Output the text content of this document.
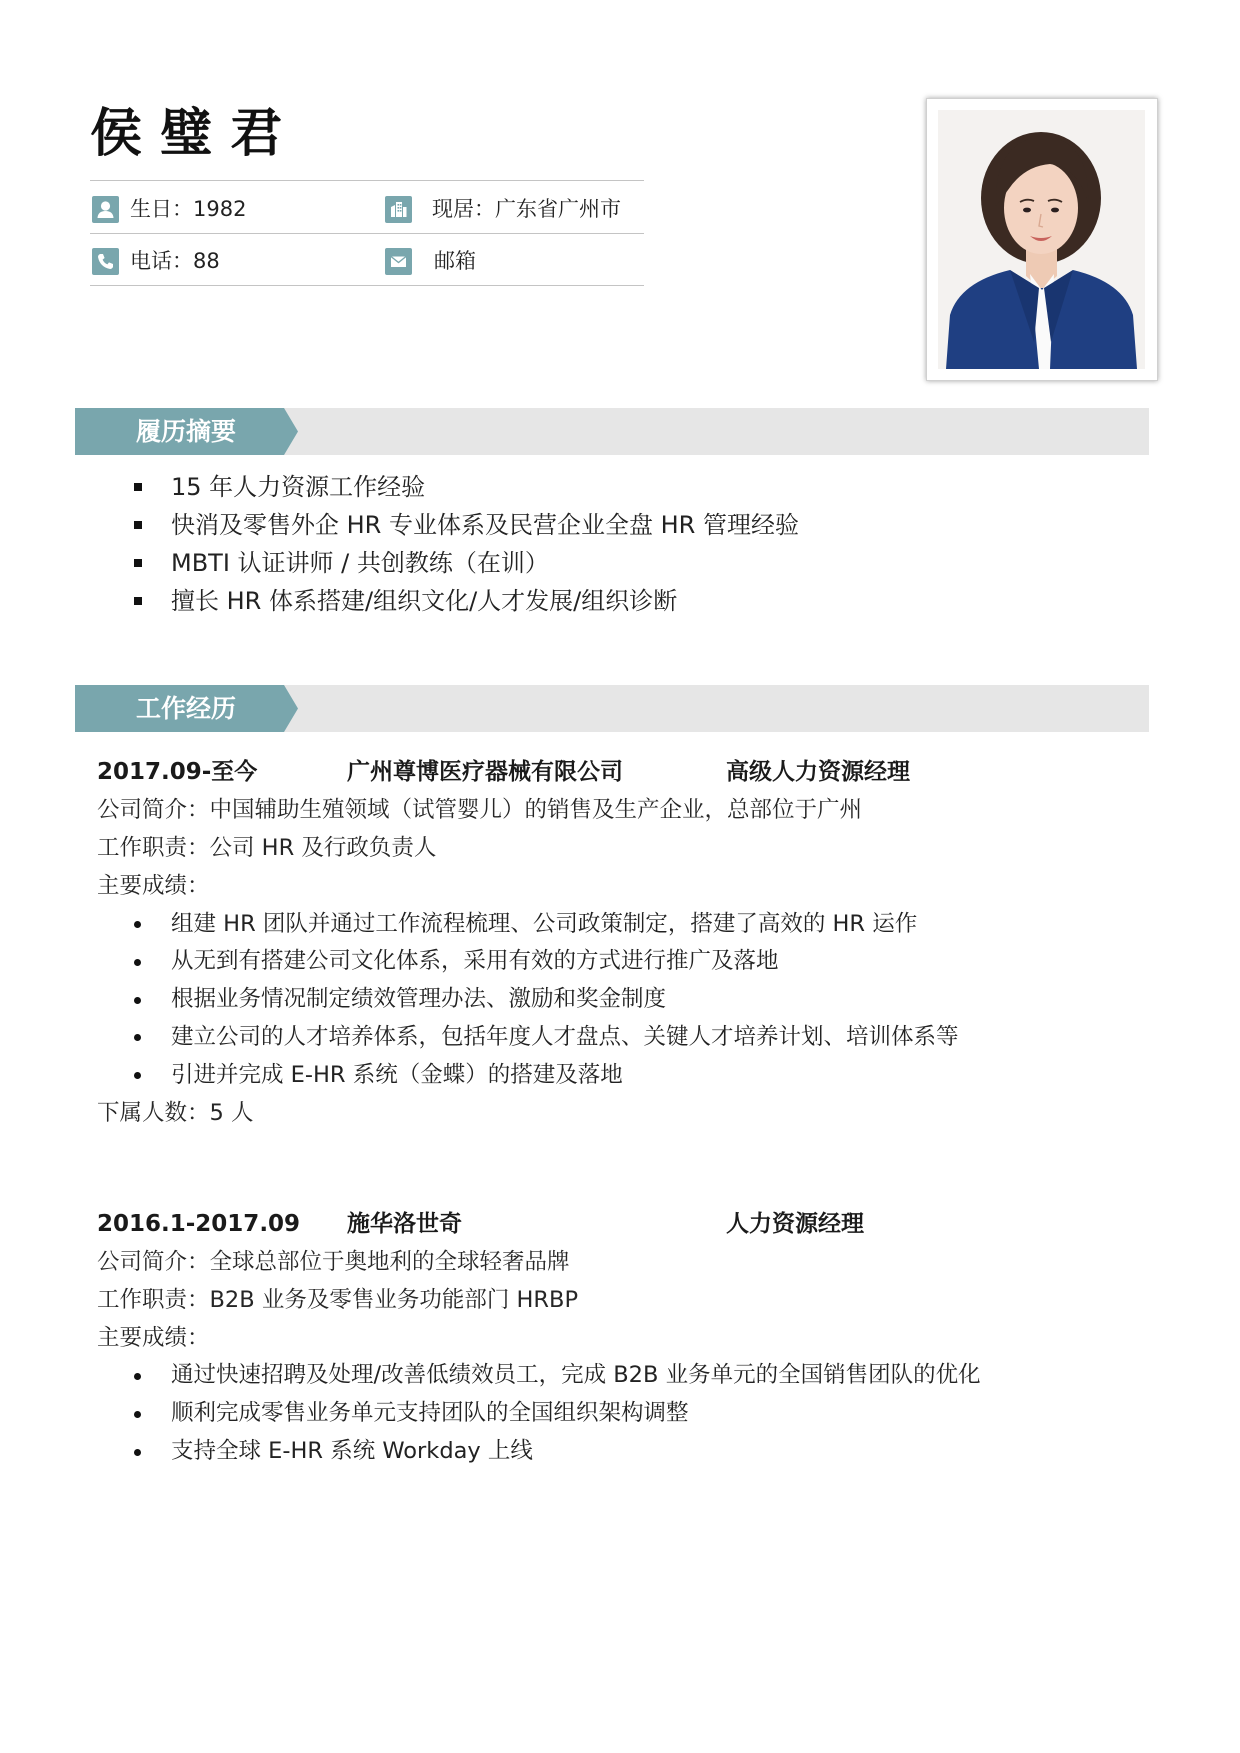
侯 璧 君
生日：1982	现居：广东省广州市
电话：88	邮箱
履历摘要
15 年人力资源工作经验
快消及零售外企 HR 专业体系及民营企业全盘 HR 管理经验
MBTI 认证讲师 / 共创教练（在训）
擅长 HR 体系搭建/组织文化/人才发展/组织诊断
工作经历
2017.09-至今	广州尊博医疗器械有限公司	高级人力资源经理
公司简介：中国辅助生殖领域（试管婴儿）的销售及生产企业，总部位于广州
工作职责：公司 HR 及行政负责人
主要成绩：
组建 HR 团队并通过工作流程梳理、公司政策制定，搭建了高效的 HR 运作
从无到有搭建公司文化体系，采用有效的方式进行推广及落地
根据业务情况制定绩效管理办法、激励和奖金制度
建立公司的人才培养体系，包括年度人才盘点、关键人才培养计划、培训体系等
引进并完成 E-HR 系统（金蝶）的搭建及落地
下属人数：5 人
2016.1-2017.09 施华洛世奇	人力资源经理
公司简介：全球总部位于奥地利的全球轻奢品牌
工作职责：B2B 业务及零售业务功能部门 HRBP
主要成绩：
通过快速招聘及处理/改善低绩效员工，完成 B2B 业务单元的全国销售团队的优化
顺利完成零售业务单元支持团队的全国组织架构调整
支持全球 E-HR 系统 Workday 上线
